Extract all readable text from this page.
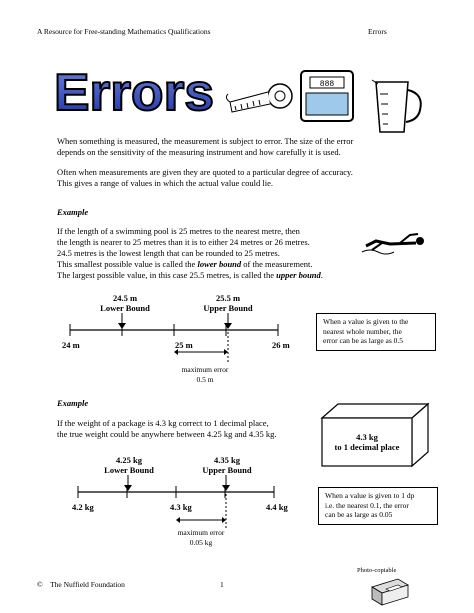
A Resource for Free-standing Mathematics Qualifications	Errors
Errors	888
When something is measured, the measurement is subject to error. The size of the error
depends on the sensitivity of the measuring instrument and how carefully it is used.
Often when measurements are given they are quoted to a particular degree of accuracy.
This gives a range of values in which the actual value could lie.
Example
If the length of a swimming pool is 25 metres to the nearest metre, then
the length is nearer to 25 metres than it is to either 24 metres or 26 metres.
24.5 metres is the lowest length that can be rounded to 25 metres.
This smallest possible value is called the lower bound of the measurement.
The largest possible value, in this case 25.5 metres, is called the upper bound.
24.5 m
Lower Bound
25.5 m
Upper Bound
24 m	25 m	26 m
maximum error
0.5 m
When a value is given to the
nearest whole number, the
error can be as large as 0.5
Example
If the weight of a package is 4.3 kg correct to 1 decimal place,
the true weight could be anywhere between 4.25 kg and 4.35 kg.	4.3 kg
to 1 decimal place
4.25 kg
Lower Bound
4.35 kg
Upper Bound
4.2 kg	4.3 kg	4.4 kg
maximum error
0.05 kg
When a value is given to 1 dp
i.e. the nearest 0.1, the error
can be as large as 0.05
©    The Nuffield Foundation	1
Photo-copiable
